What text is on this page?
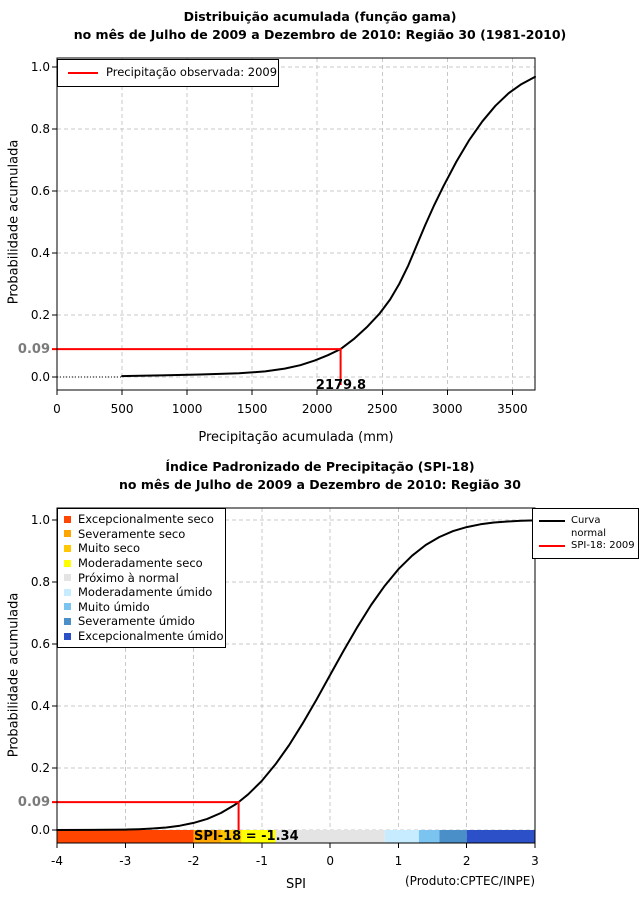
Distribuição acumulada (função gama)
no mês de Julho de 2009 a Dezembro de 2010: Região 30 (1981-2010)
Probabilidade acumulada
Precipitação observada: 2009
0.09
2179.8
Precipitação acumulada (mm)
0	500	1000	1500	2000	2500	3000	3500
1.0
0.8
0.6
0.4
0.2
0.0
Índice Padronizado de Precipitação (SPI-18)
no mês de Julho de 2009 a Dezembro de 2010: Região 30
Probabilidade acumulada
Excepcionalmente seco
Severamente seco
Muito seco
Moderadamente seco
Próximo à normal
Moderadamente úmido
Muito úmido
Severamente úmido
Excepcionalmente úmido
Curva normal
SPI-18: 2009
0.09
SPI-18 = -1.34
SPI	(Produto:CPTEC/INPE)
-4	-3	-2	-1	0	1	2	3
1.0
0.8
0.6
0.4
0.2
0.0
